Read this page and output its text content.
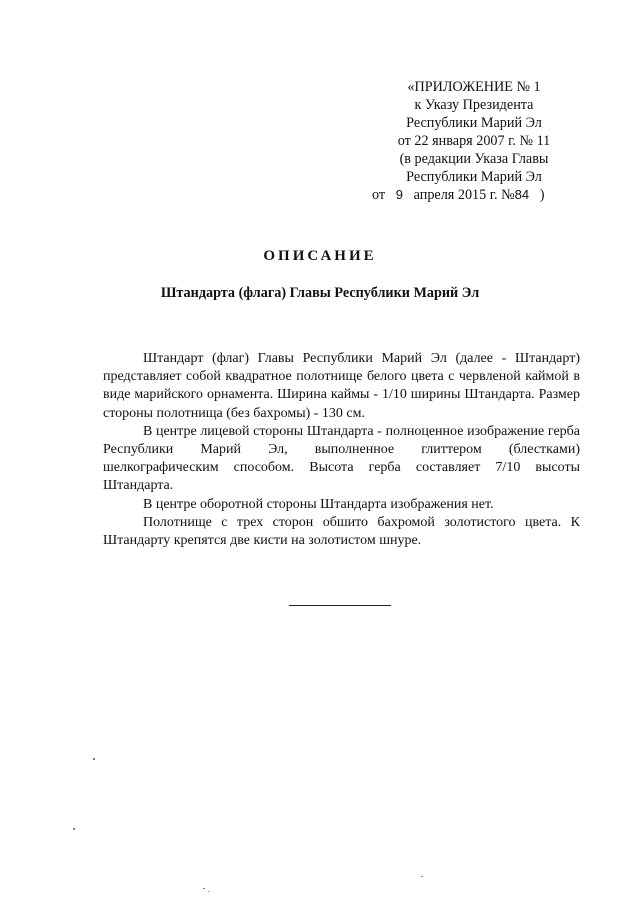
«ПРИЛОЖЕНИЕ № 1
к Указу Президента
Республики Марий Эл
от 22 января 2007 г. № 11
(в редакции Указа Главы
Республики Марий Эл
от 9 апреля 2015 г. №84 )
ОПИСАНИЕ
Штандарта (флага) Главы Республики Марий Эл

Штандарт (флаг) Главы Республики Марий Эл (далее - Штандарт) представляет собой квадратное полотнище белого цвета с червленой каймой в виде марийского орнамента. Ширина каймы - 1/10 ширины Штандарта. Размер стороны полотнища (без бахромы) - 130 см.

В центре лицевой стороны Штандарта - полноценное изображение герба Республики Марий Эл, выполненное глиттером (блестками) шелкографическим способом. Высота герба составляет 7/10 высоты Штандарта.

В центре оборотной стороны Штандарта изображения нет.

Полотнище с трех сторон обшито бахромой золотистого цвета. К Штандарту крепятся две кисти на золотистом шнуре.
